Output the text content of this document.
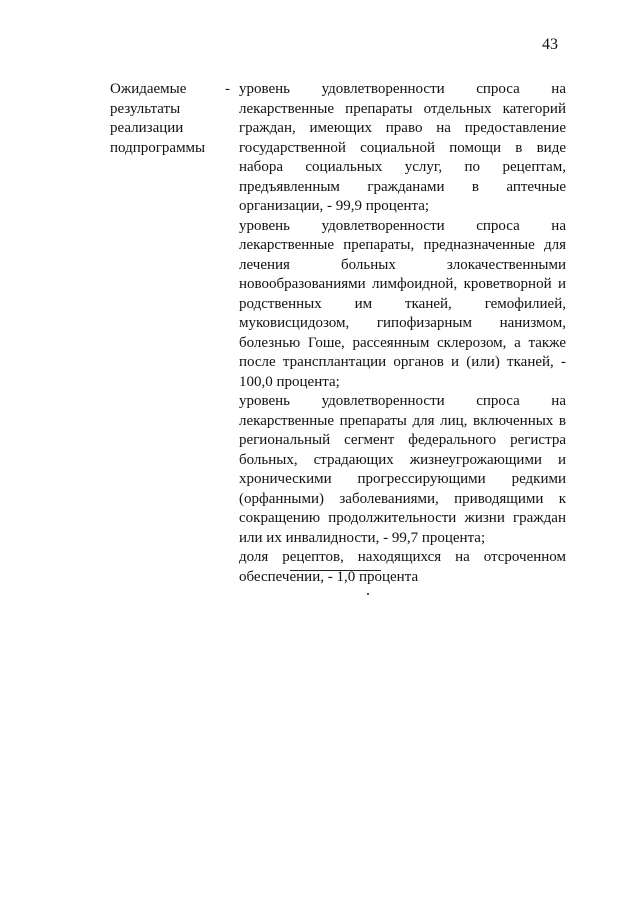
43
Ожидаемые
результаты
реализации
подпрограммы
- уровень удовлетворенности спроса на лекарственные препараты отдельных категорий граждан, имеющих право на предоставление государственной социальной помощи в виде набора социальных услуг, по рецептам, предъявленным гражданами в аптечные организации, - 99,9 процента;

уровень удовлетворенности спроса на лекарственные препараты, предназначенные для лечения больных злокачественными новообразованиями лимфоидной, кроветворной и родственных им тканей, гемофилией, муковисцидозом, гипофизарным нанизмом, болезнью Гоше, рассеянным склерозом, а также после трансплантации органов и (или) тканей, - 100,0 процента;

уровень удовлетворенности спроса на лекарственные препараты для лиц, включенных в региональный сегмент федерального регистра больных, страдающих жизнеугрожающими и хроническими прогрессирующими редкими (орфанными) заболеваниями, приводящими к сокращению продолжительности жизни граждан или их инвалидности, - 99,7 процента;

доля рецептов, находящихся на отсроченном обеспечении, - 1,0 процента
